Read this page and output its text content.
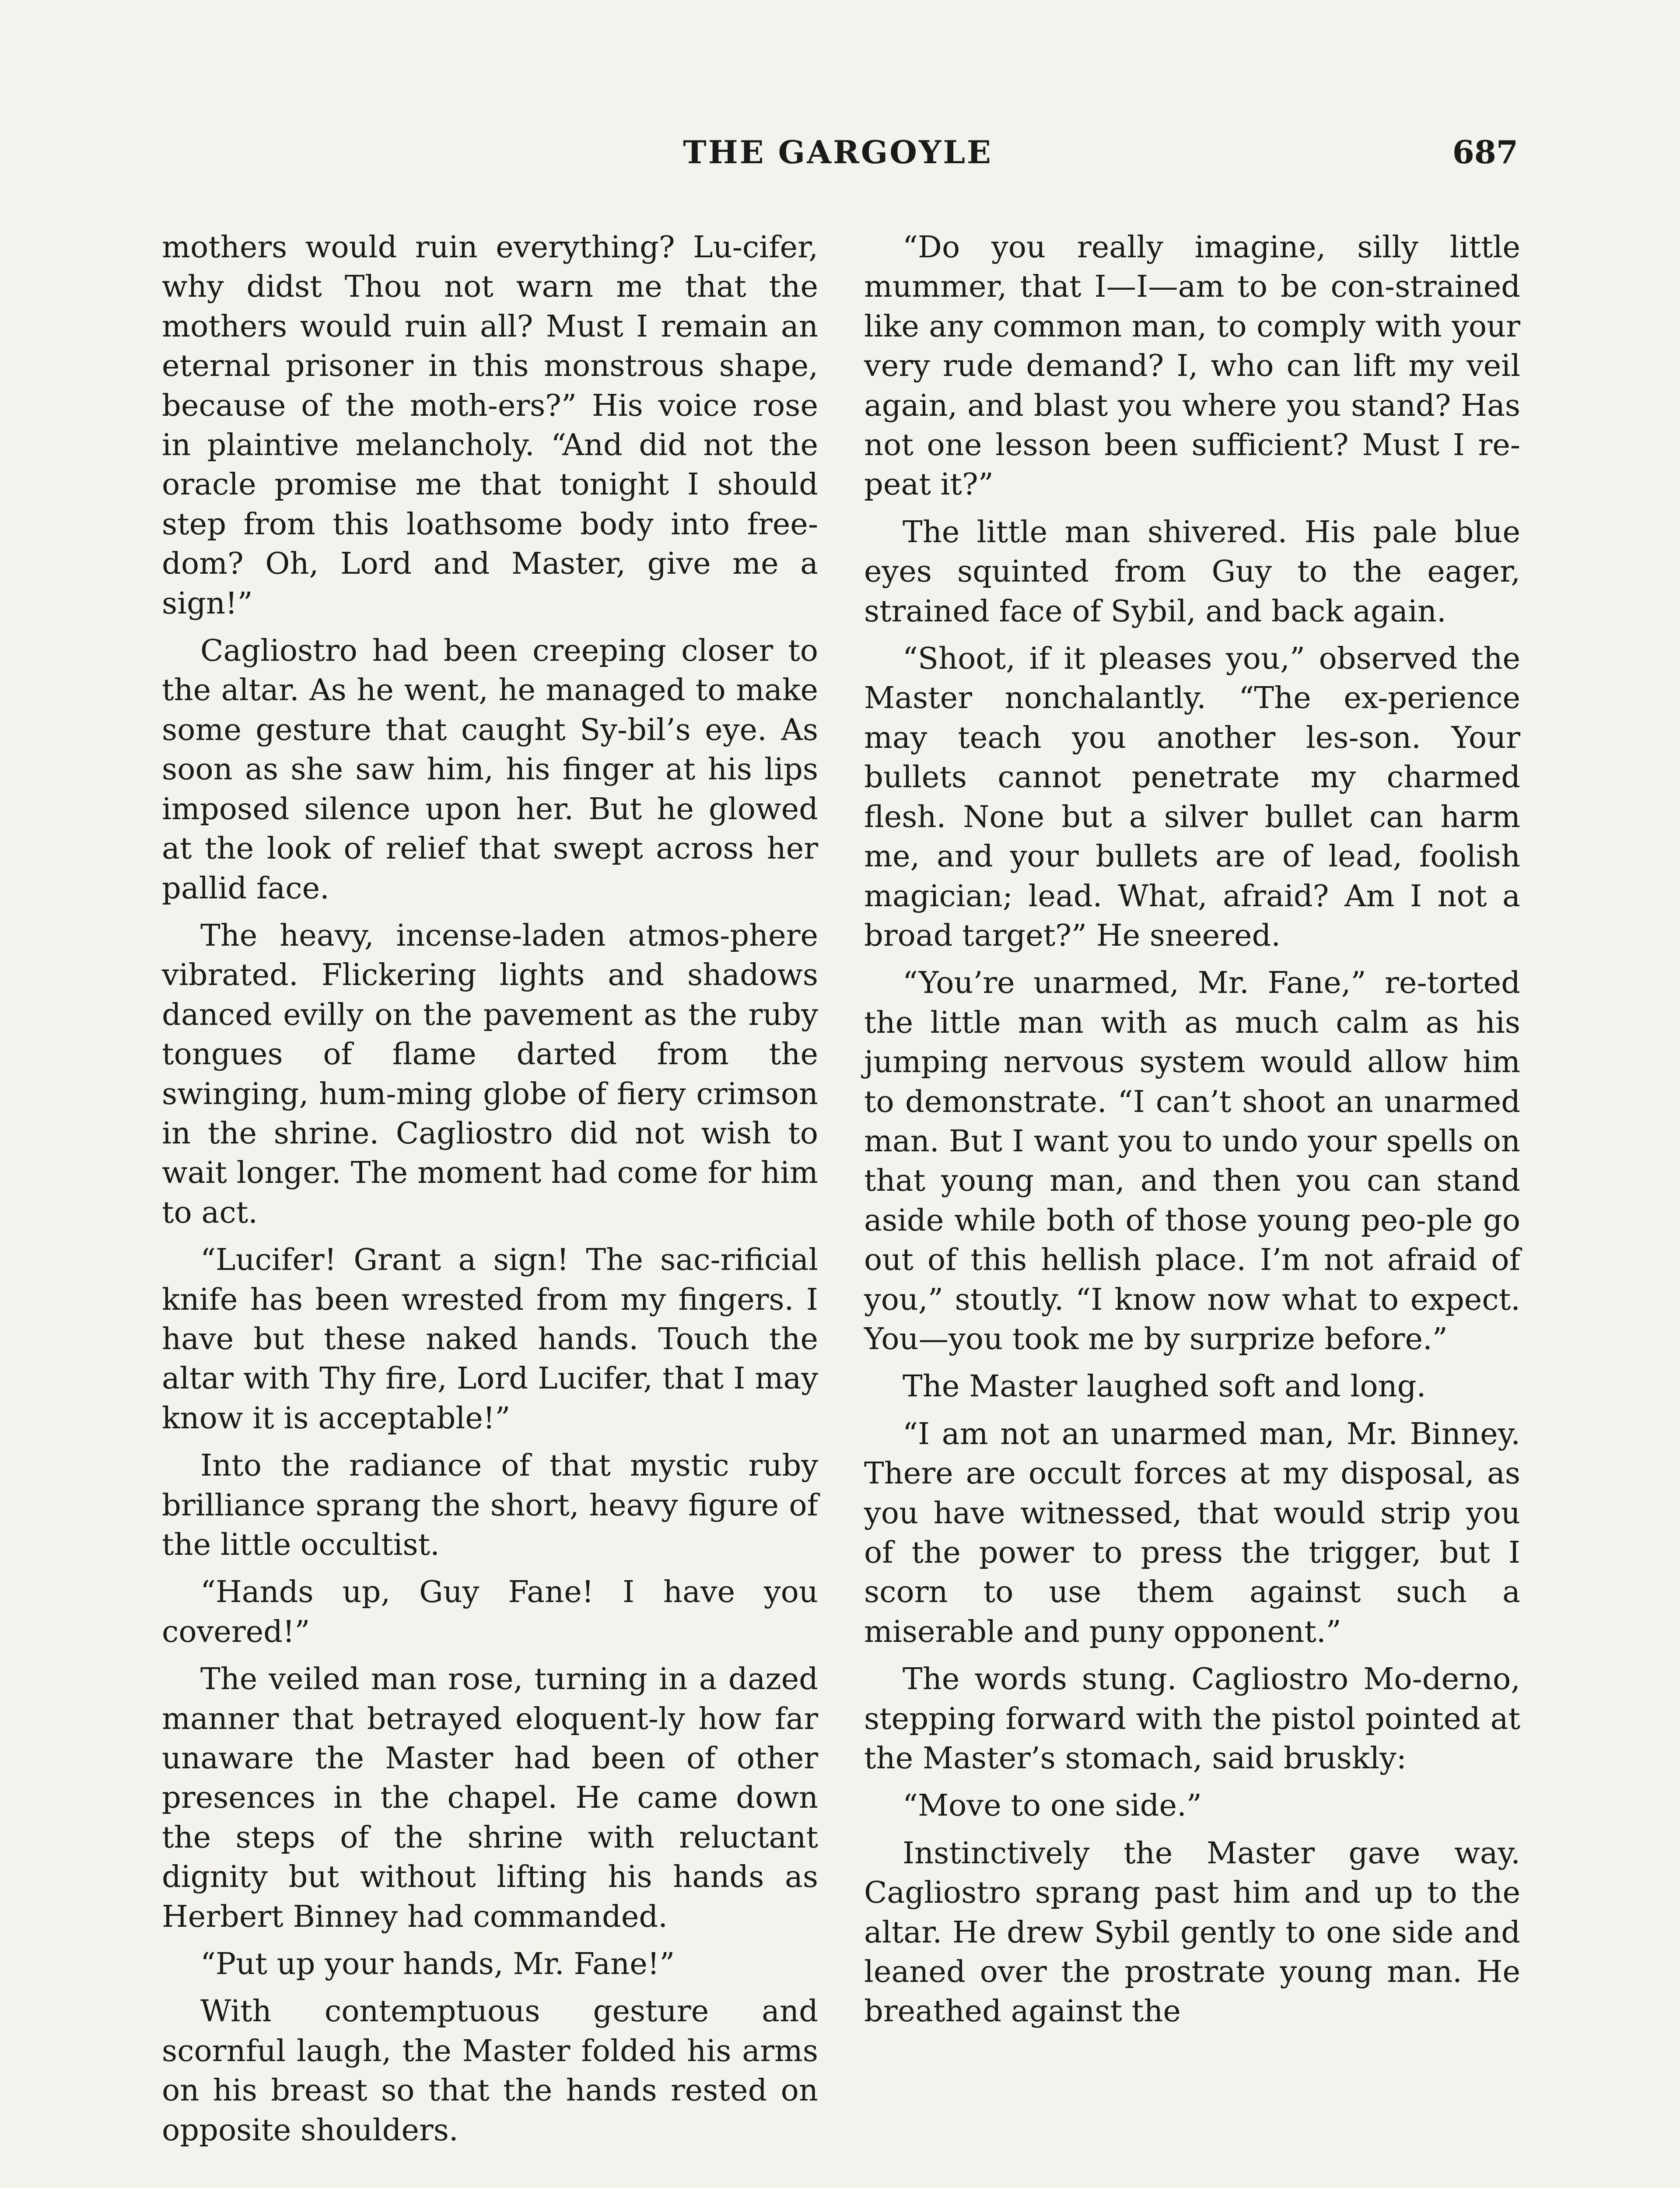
THE GARGOYLE	687

mothers would ruin everything? Lu-cifer, why didst Thou not warn me that the mothers would ruin all? Must I remain an eternal prisoner in this monstrous shape, because of the moth-ers?” His voice rose in plaintive melancholy. “And did not the oracle promise me that tonight I should step from this loathsome body into free-dom? Oh, Lord and Master, give me a sign!”

Cagliostro had been creeping closer to the altar. As he went, he managed to make some gesture that caught Sy-bil’s eye. As soon as she saw him, his finger at his lips imposed silence upon her. But he glowed at the look of relief that swept across her pallid face.

The heavy, incense-laden atmos-phere vibrated. Flickering lights and shadows danced evilly on the pavement as the ruby tongues of flame darted from the swinging, hum-ming globe of fiery crimson in the shrine. Cagliostro did not wish to wait longer. The moment had come for him to act.

“Lucifer! Grant a sign! The sac-rificial knife has been wrested from my fingers. I have but these naked hands. Touch the altar with Thy fire, Lord Lucifer, that I may know it is acceptable!”

Into the radiance of that mystic ruby brilliance sprang the short, heavy figure of the little occultist.

“Hands up, Guy Fane! I have you covered!”

The veiled man rose, turning in a dazed manner that betrayed eloquent-ly how far unaware the Master had been of other presences in the chapel. He came down the steps of the shrine with reluctant dignity but without lifting his hands as Herbert Binney had commanded.

“Put up your hands, Mr. Fane!”

With contemptuous gesture and scornful laugh, the Master folded his arms on his breast so that the hands rested on opposite shoulders.

“Do you really imagine, silly little mummer, that I—I—am to be con-strained like any common man, to comply with your very rude demand? I, who can lift my veil again, and blast you where you stand? Has not one lesson been sufficient? Must I re-peat it?”

The little man shivered. His pale blue eyes squinted from Guy to the eager, strained face of Sybil, and back again.

“Shoot, if it pleases you,” observed the Master nonchalantly. “The ex-perience may teach you another les-son. Your bullets cannot penetrate my charmed flesh. None but a silver bullet can harm me, and your bullets are of lead, foolish magician; lead. What, afraid? Am I not a broad target?” He sneered.

“You’re unarmed, Mr. Fane,” re-torted the little man with as much calm as his jumping nervous system would allow him to demonstrate. “I can’t shoot an unarmed man. But I want you to undo your spells on that young man, and then you can stand aside while both of those young peo-ple go out of this hellish place. I’m not afraid of you,” stoutly. “I know now what to expect. You—you took me by surprize before.”

The Master laughed soft and long.

“I am not an unarmed man, Mr. Binney. There are occult forces at my disposal, as you have witnessed, that would strip you of the power to press the trigger, but I scorn to use them against such a miserable and puny opponent.”

The words stung. Cagliostro Mo-derno, stepping forward with the pistol pointed at the Master’s stomach, said bruskly:

“Move to one side.”

Instinctively the Master gave way. Cagliostro sprang past him and up to the altar. He drew Sybil gently to one side and leaned over the prostrate young man. He breathed against the
